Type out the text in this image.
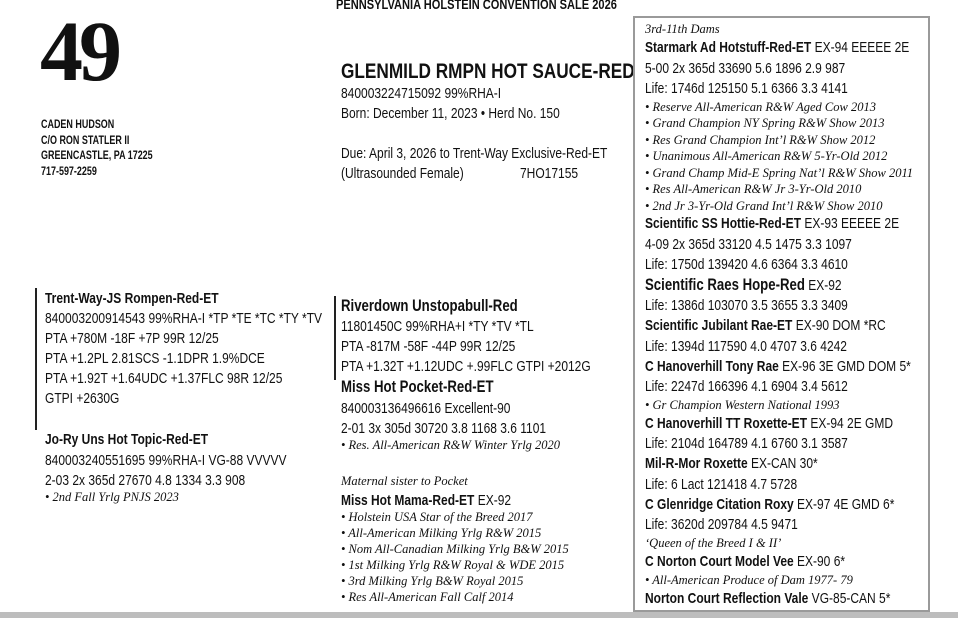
PENNSYLVANIA HOLSTEIN CONVENTION SALE 2026
49
CADEN HUDSON
C/O RON STATLER II
GREENCASTLE, PA 17225
717-597-2259
GLENMILD RMPN HOT SAUCE-RED
840003224715092 99%RHA-I
Born: December 11, 2023 • Herd No. 150
Due: April 3, 2026 to Trent-Way Exclusive-Red-ET
(Ultrasounded Female)	7HO17155
Trent-Way-JS Rompen-Red-ET
840003200914543 99%RHA-I *TP *TE *TC *TY *TV
PTA +780M -18F +7P 99R 12/25
PTA +1.2PL 2.81SCS -1.1DPR 1.9%DCE
PTA +1.92T +1.64UDC +1.37FLC 98R 12/25
GTPI +2630G
Jo-Ry Uns Hot Topic-Red-ET
840003240551695 99%RHA-I VG-88 VVVVV
2-03 2x 365d 27670 4.8 1334 3.3 908
• 2nd Fall Yrlg PNJS 2023
Riverdown Unstopabull-Red
11801450C 99%RHA+I *TY *TV *TL
PTA -817M -58F -44P 99R 12/25
PTA +1.32T +1.12UDC +.99FLC GTPI +2012G
Miss Hot Pocket-Red-ET
840003136496616 Excellent-90
2-01 3x 305d 30720 3.8 1168 3.6 1101
• Res. All-American R&W Winter Yrlg 2020
Maternal sister to Pocket
Miss Hot Mama-Red-ET EX-92
• Holstein USA Star of the Breed 2017
• All-American Milking Yrlg R&W 2015
• Nom All-Canadian Milking Yrlg B&W 2015
• 1st Milking Yrlg R&W Royal & WDE 2015
• 3rd Milking Yrlg B&W Royal 2015
• Res All-American Fall Calf 2014
3rd-11th Dams
Starmark Ad Hotstuff-Red-ET EX-94 EEEEE 2E
5-00 2x 365d 33690 5.6 1896 2.9 987
Life: 1746d 125150 5.1 6366 3.3 4141
• Reserve All-American R&W Aged Cow 2013
• Grand Champion NY Spring R&W Show 2013
• Res Grand Champion Int’l R&W Show 2012
• Unanimous All-American R&W 5-Yr-Old 2012
• Grand Champ Mid-E Spring Nat’l R&W Show 2011
• Res All-American R&W Jr 3-Yr-Old 2010
• 2nd Jr 3-Yr-Old Grand Int’l R&W Show 2010
Scientific SS Hottie-Red-ET EX-93 EEEEE 2E
4-09 2x 365d 33120 4.5 1475 3.3 1097
Life: 1750d 139420 4.6 6364 3.3 4610
Scientific Raes Hope-Red EX-92
Life: 1386d 103070 3.5 3655 3.3 3409
Scientific Jubilant Rae-ET EX-90 DOM *RC
Life: 1394d 117590 4.0 4707 3.6 4242
C Hanoverhill Tony Rae EX-96 3E GMD DOM 5*
Life: 2247d 166396 4.1 6904 3.4 5612
• Gr Champion Western National 1993
C Hanoverhill TT Roxette-ET EX-94 2E GMD
Life: 2104d 164789 4.1 6760 3.1 3587
Mil-R-Mor Roxette EX-CAN 30*
Life: 6 Lact 121418 4.7 5728
C Glenridge Citation Roxy EX-97 4E GMD 6*
Life: 3620d 209784 4.5 9471
‘Queen of the Breed I & II’
C Norton Court Model Vee EX-90 6*
• All-American Produce of Dam 1977- 79
Norton Court Reflection Vale VG-85-CAN 5*
